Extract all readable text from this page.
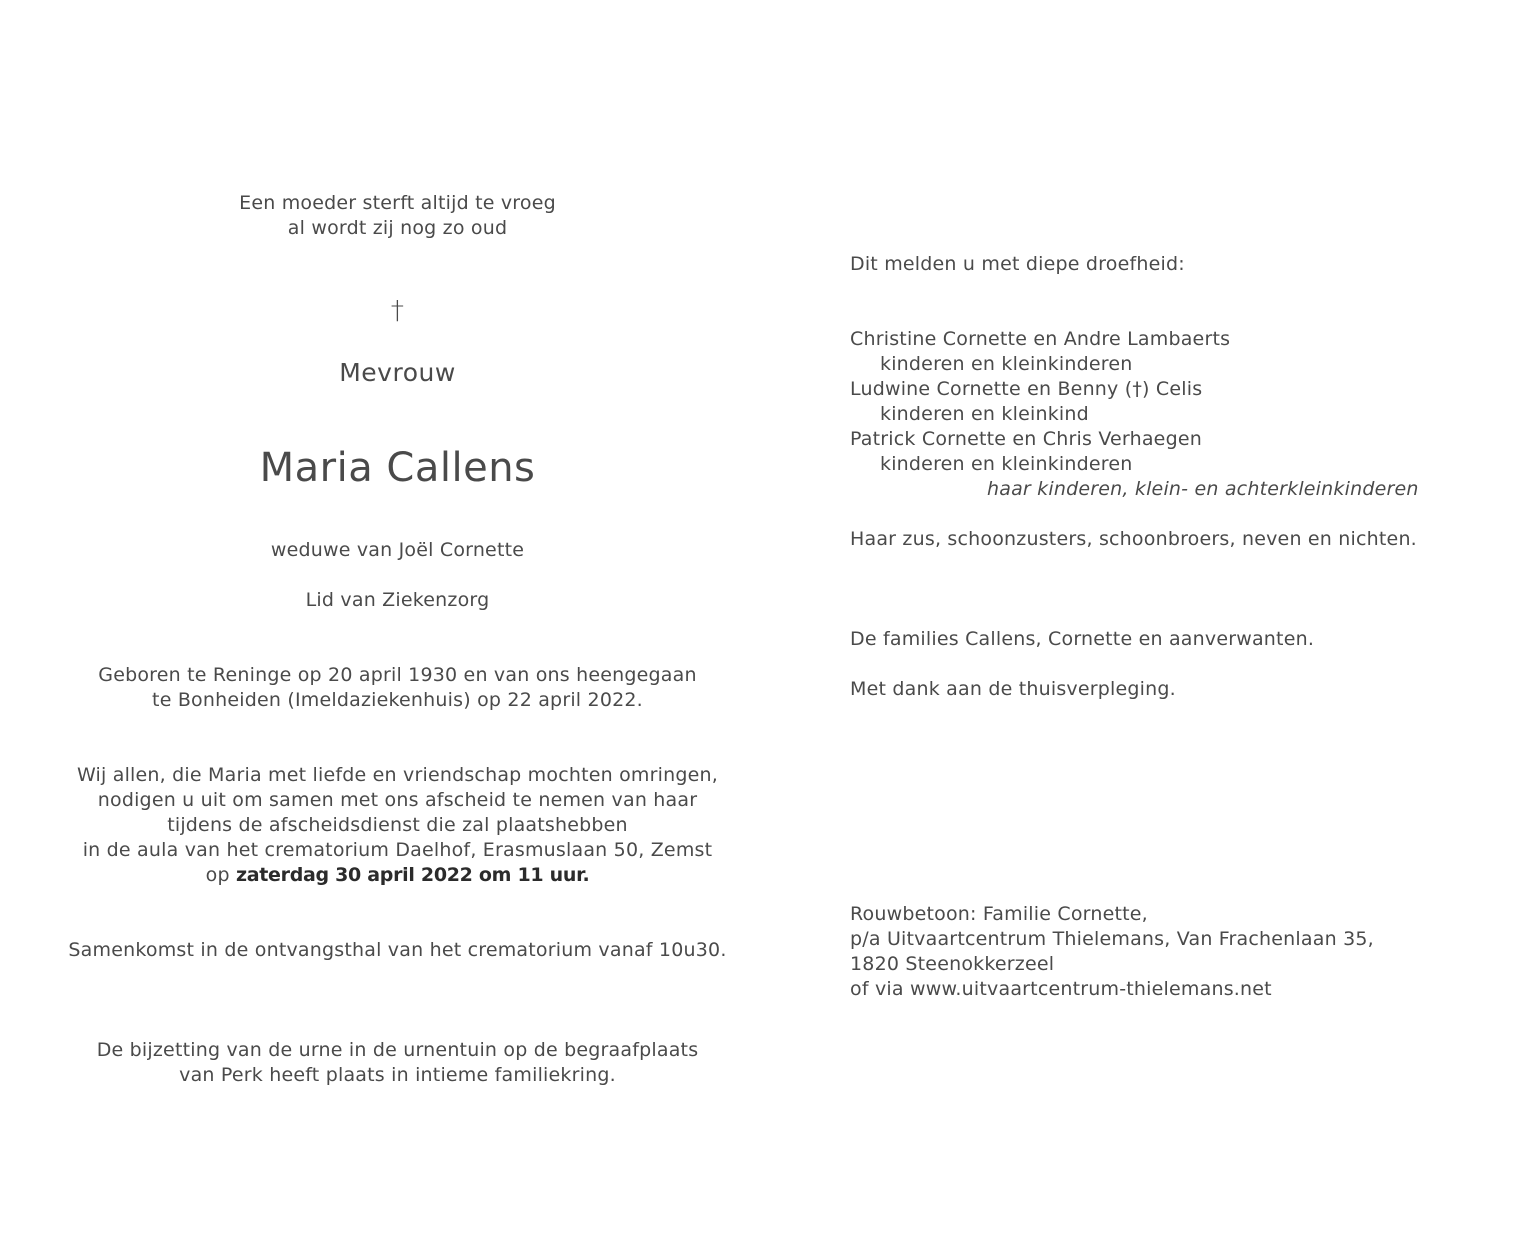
Een moeder sterft altijd te vroeg
al wordt zij nog zo oud
†
Mevrouw
Maria Callens
weduwe van Joël Cornette
Lid van Ziekenzorg
Geboren te Reninge op 20 april 1930 en van ons heengegaan
te Bonheiden (Imeldaziekenhuis) op 22 april 2022.
Wij allen, die Maria met liefde en vriendschap mochten omringen,
nodigen u uit om samen met ons afscheid te nemen van haar
tijdens de afscheidsdienst die zal plaatshebben
in de aula van het crematorium Daelhof, Erasmuslaan 50, Zemst
op zaterdag 30 april 2022 om 11 uur.
Samenkomst in de ontvangsthal van het crematorium vanaf 10u30.
De bijzetting van de urne in de urnentuin op de begraafplaats
van Perk heeft plaats in intieme familiekring.
Dit melden u met diepe droefheid:
Christine Cornette en Andre Lambaerts
kinderen en kleinkinderen
Ludwine Cornette en Benny (†) Celis
kinderen en kleinkind
Patrick Cornette en Chris Verhaegen
kinderen en kleinkinderen
haar kinderen, klein- en achterkleinkinderen
Haar zus, schoonzusters, schoonbroers, neven en nichten.
De families Callens, Cornette en aanverwanten.
Met dank aan de thuisverpleging.
Rouwbetoon: Familie Cornette,
p/a Uitvaartcentrum Thielemans, Van Frachenlaan 35,
1820 Steenokkerzeel
of via www.uitvaartcentrum-thielemans.net
